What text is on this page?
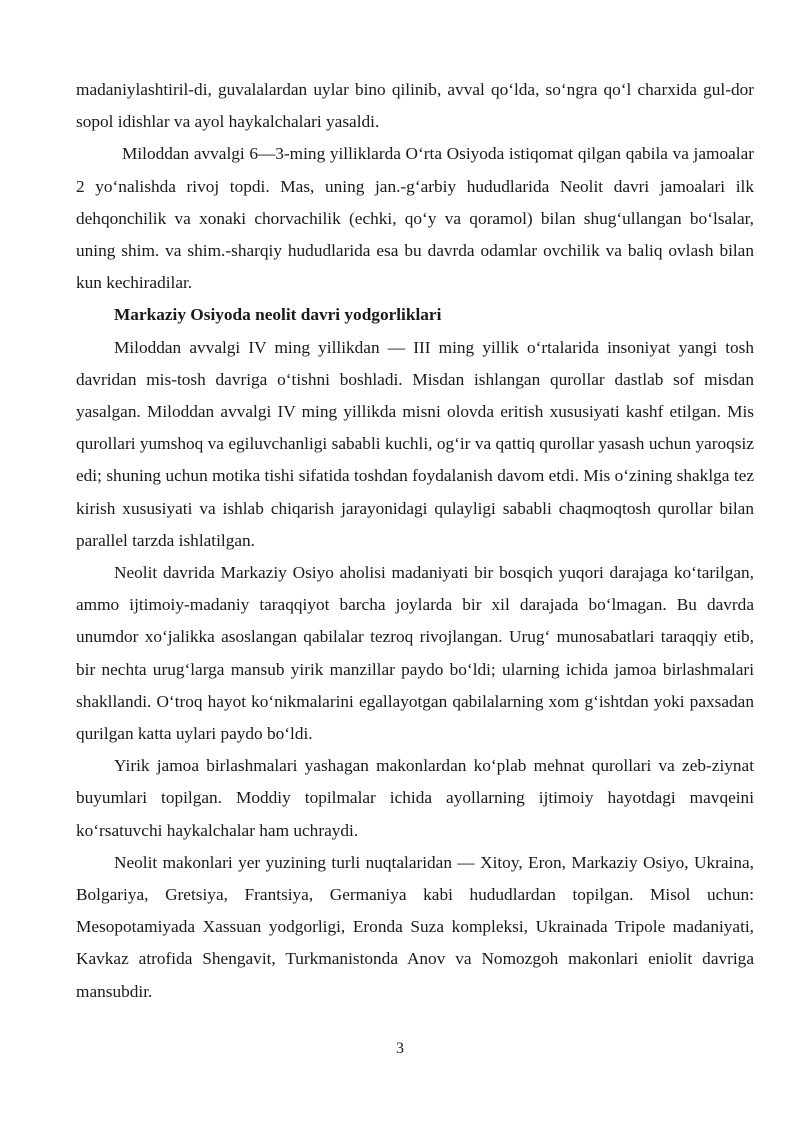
madaniylashtiril-di, guvalalardan uylar bino qilinib, avval qo‘lda, so‘ngra qo‘l charxida gul-dor sopol idishlar va ayol haykalchalari yasaldi.

Miloddan avvalgi 6—3-ming yilliklarda O‘rta Osiyoda istiqomat qilgan qabila va jamoalar 2 yo‘nalishda rivoj topdi. Mas, uning jan.-g‘arbiy hududlarida Neolit davri jamoalari ilk dehqonchilik va xonaki chorvachilik (echki, qo‘y va qoramol) bilan shug‘ullangan bo‘lsalar, uning shim. va shim.-sharqiy hududlarida esa bu davrda odamlar ovchilik va baliq ovlash bilan kun kechiradilar.

Markaziy Osiyoda neolit davri yodgorliklari

Miloddan avvalgi IV ming yillikdan — III ming yillik o‘rtalarida insoniyat yangi tosh davridan mis-tosh davriga o‘tishni boshladi. Misdan ishlangan qurollar dastlab sof misdan yasalgan. Miloddan avvalgi IV ming yillikda misni olovda eritish xususiyati kashf etilgan. Mis qurollari yumshoq va egiluvchanligi sababli kuchli, og‘ir va qattiq qurollar yasash uchun yaroqsiz edi; shuning uchun motika tishi sifatida toshdan foydalanish davom etdi. Mis o‘zining shaklga tez kirish xususiyati va ishlab chiqarish jarayonidagi qulayligi sababli chaqmoqtosh qurollar bilan parallel tarzda ishlatilgan.

Neolit davrida Markaziy Osiyo aholisi madaniyati bir bosqich yuqori darajaga ko‘tarilgan, ammo ijtimoiy-madaniy taraqqiyot barcha joylarda bir xil darajada bo‘lmagan. Bu davrda unumdor xo‘jalikka asoslangan qabilalar tezroq rivojlangan. Urug‘ munosabatlari taraqqiy etib, bir nechta urug‘larga mansub yirik manzillar paydo bo‘ldi; ularning ichida jamoa birlashmalari shakllandi. O‘troq hayot ko‘nikmalarini egallayotgan qabilalarning xom g‘ishtdan yoki paxsadan qurilgan katta uylari paydo bo‘ldi.

Yirik jamoa birlashmalari yashagan makonlardan ko‘plab mehnat qurollari va zeb-ziynat buyumlari topilgan. Moddiy topilmalar ichida ayollarning ijtimoiy hayotdagi mavqeini ko‘rsatuvchi haykalchalar ham uchraydi.

Neolit makonlari yer yuzining turli nuqtalaridan — Xitoy, Eron, Markaziy Osiyo, Ukraina, Bolgariya, Gretsiya, Frantsiya, Germaniya kabi hududlardan topilgan. Misol uchun: Mesopotamiyada Xassuan yodgorligi, Eronda Suza kompleksi, Ukrainada Tripole madaniyati, Kavkaz atrofida Shengavit, Turkmanistonda Anov va Nomozgoh makonlari eniolit davriga mansubdir.

3
